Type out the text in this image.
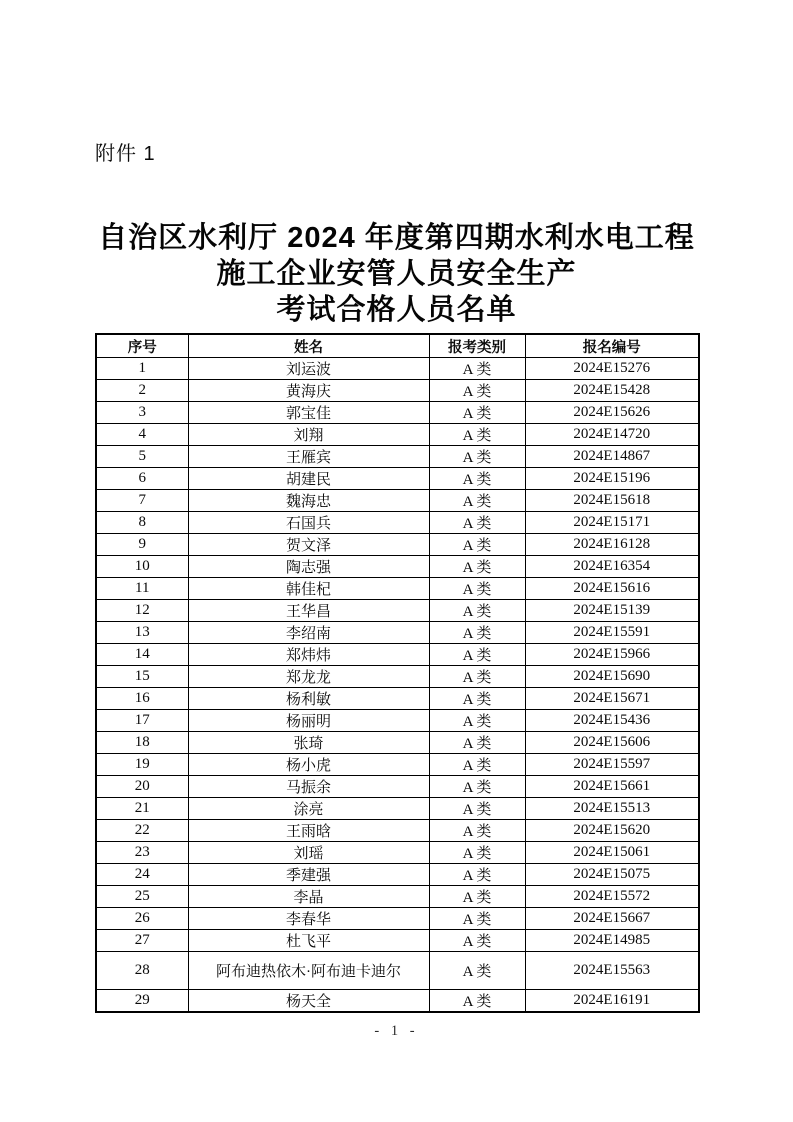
附件 1
自治区水利厅 2024 年度第四期水利水电工程
施工企业安管人员安全生产
考试合格人员名单
序号	姓名	报考类别	报名编号
1	刘运波	A 类	2024E15276
2	黄海庆	A 类	2024E15428
3	郭宝佳	A 类	2024E15626
4	刘翔	A 类	2024E14720
5	王雁宾	A 类	2024E14867
6	胡建民	A 类	2024E15196
7	魏海忠	A 类	2024E15618
8	石国兵	A 类	2024E15171
9	贺文泽	A 类	2024E16128
10	陶志强	A 类	2024E16354
11	韩佳杞	A 类	2024E15616
12	王华昌	A 类	2024E15139
13	李绍南	A 类	2024E15591
14	郑炜炜	A 类	2024E15966
15	郑龙龙	A 类	2024E15690
16	杨利敏	A 类	2024E15671
17	杨丽明	A 类	2024E15436
18	张琦	A 类	2024E15606
19	杨小虎	A 类	2024E15597
20	马振余	A 类	2024E15661
21	涂亮	A 类	2024E15513
22	王雨晗	A 类	2024E15620
23	刘瑶	A 类	2024E15061
24	季建强	A 类	2024E15075
25	李晶	A 类	2024E15572
26	李春华	A 类	2024E15667
27	杜飞平	A 类	2024E14985
28	阿布迪热依木·阿布迪卡迪尔	A 类	2024E15563
29	杨天全	A 类	2024E16191
- 1 -
